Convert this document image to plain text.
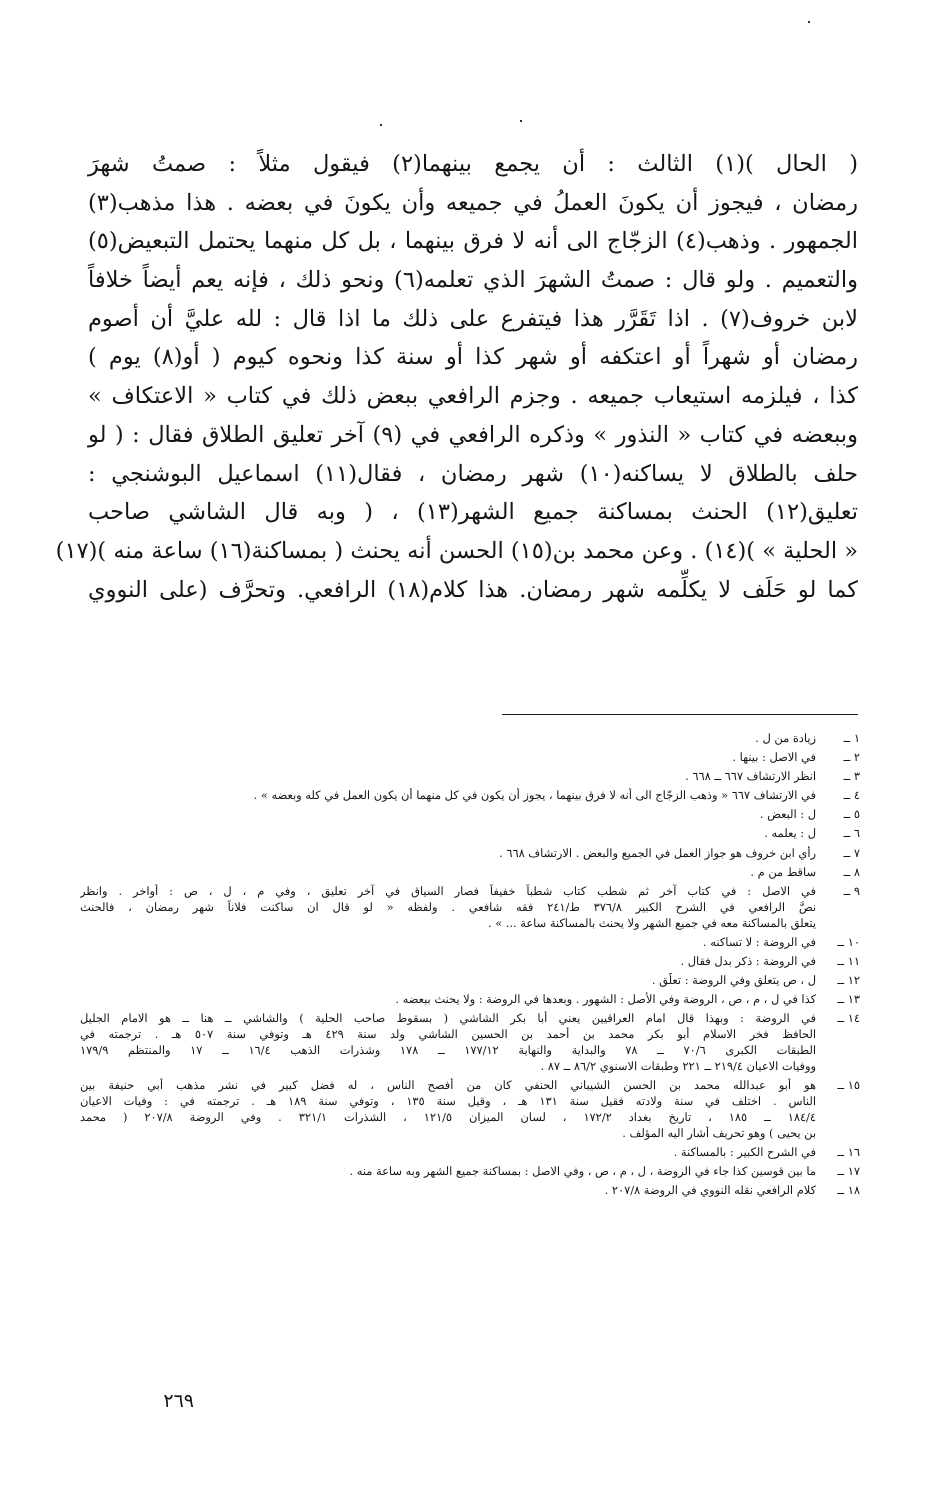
( الحال )(١) الثالث : أن يجمع بينهما(٢) فيقول مثلاً : صمتُ شهرَ
رمضان ، فيجوز أن يكونَ العملُ في جميعه وأن يكونَ في بعضه . هذا مذهب(٣)
الجمهور . وذهب(٤) الزجّاج الى أنه لا فرق بينهما ، بل كل منهما يحتمل التبعيض(٥)
والتعميم . ولو قال : صمتُ الشهرَ الذي تعلمه(٦) ونحو ذلك ، فإنه يعم أيضاً خلافاً
لابن خروف(٧) . اذا تَقَرَّر هذا فيتفرع على ذلك ما اذا قال : لله عليَّ أن أصوم
رمضان أو شهراً أو اعتكفه أو شهر كذا أو سنة كذا ونحوه كيوم ( أو(٨) يوم )
كذا ، فيلزمه استيعاب جميعه . وجزم الرافعي ببعض ذلك في كتاب « الاعتكاف »
وببعضه في كتاب « النذور » وذكره الرافعي في (٩) آخر تعليق الطلاق فقال : ( لو
حلف بالطلاق لا يساكنه(١٠) شهر رمضان ، فقال(١١) اسماعيل البوشنجي :
تعليق(١٢) الحنث بمساكنة جميع الشهر(١٣) ، ( وبه قال الشاشي صاحب
« الحلية » )(١٤) . وعن محمد بن(١٥) الحسن أنه يحنث ( بمساكنة(١٦) ساعة منه )(١٧)
كما لو حَلَف لا يكلِّمه شهر رمضان. هذا كلام(١٨) الرافعي. وتحرَّف (على النووي
١ ــ
زيادة من ل .
٢ ــ
في الاصل : بينها .
٣ ــ
انظر الارتشاف ٦٦٧ ــ ٦٦٨ .
٤ ــ
في الارتشاف ٦٦٧ « وذهب الزجّاج الى أنه لا فرق بينهما ، يجوز أن يكون في كل منهما أن يكون العمل في كله وبعضه » .
٥ ــ
ل : البعض .
٦ ــ
ل : يعلمه .
٧ ــ
رأي ابن خروف هو جواز العمل في الجميع والبعض . الارتشاف ٦٦٨ .
٨ ــ
ساقط من م .
٩ ــ
في الاصل : في كتاب آخر ثم شطب كتاب شطباً خفيفاً فصار السياق في آخر تعليق ، وفي م ، ل ، ص : أواخر . وانظر
نصَّ الرافعي في الشرح الكبير ٣٧٦/٨ ط/٢٤١ فقه شافعي . ولفظه « لو قال ان ساكنت فلاناً شهر رمضان ، فالحنث
يتعلق بالمساكنة معه في جميع الشهر ولا يحنث بالمساكنة ساعة ... » .
١٠ ــ
في الروضة : لا تساكنه .
١١ ــ
في الروضة : ذكر بدل فقال .
١٢ ــ
ل ، ص يتعلق وفي الروضة : تعلّق .
١٣ ــ
كذا في ل ، م ، ص ، الروضة وفي الأصل : الشهور . وبعدها في الروضة : ولا يحنث ببعضه .
١٤ ــ
في الروضة : وبهذا قال امام العراقيين يعني أبا بكر الشاشي ( بسقوط صاحب الحلية ) والشاشي ــ هنا ــ هو الامام الجليل
الحافظ فخر الاسلام أبو بكر محمد بن أحمد بن الحسين الشاشي ولد سنة ٤٢٩ هـ وتوفي سنة ٥٠٧ هـ . ترجمته في
الطبقات الكبرى ٧٠/٦ ــ ٧٨ والبداية والنهاية ١٧٧/١٢ ــ ١٧٨ وشذرات الذهب ١٦/٤ ــ ١٧ والمنتظم ١٧٩/٩
ووفيات الاعيان ٢١٩/٤ ــ ٢٢١ وطبقات الاسنوي ٨٦/٢ ــ ٨٧ .
١٥ ــ
هو أبو عبدالله محمد بن الحسن الشيباني الحنفي كان من أفصح الناس ، له فضل كبير في نشر مذهب أبي حنيفة بين
الناس . اختلف في سنة ولادته فقيل سنة ١٣١ هـ ، وقيل سنة ١٣٥ ، وتوفي سنة ١٨٩ هـ . ترجمته في : وفيات الاعيان
١٨٤/٤ ــ ١٨٥ ، تاريخ بغداد ١٧٢/٢ ، لسان الميزان ١٢١/٥ ، الشذرات ٣٢١/١ . وفي الروضة ٢٠٧/٨ ( محمد
بن يحيى ) وهو تحريف أشار اليه المؤلف .
١٦ ــ
في الشرح الكبير : بالمساكنة .
١٧ ــ
ما بين قوسين كذا جاء في الروضة ، ل ، م ، ص ، وفي الاصل : بمساكنة جميع الشهر وبه ساعة منه .
١٨ ــ
كلام الرافعي نقله النووي في الروضة ٢٠٧/٨ .
٢٦٩
